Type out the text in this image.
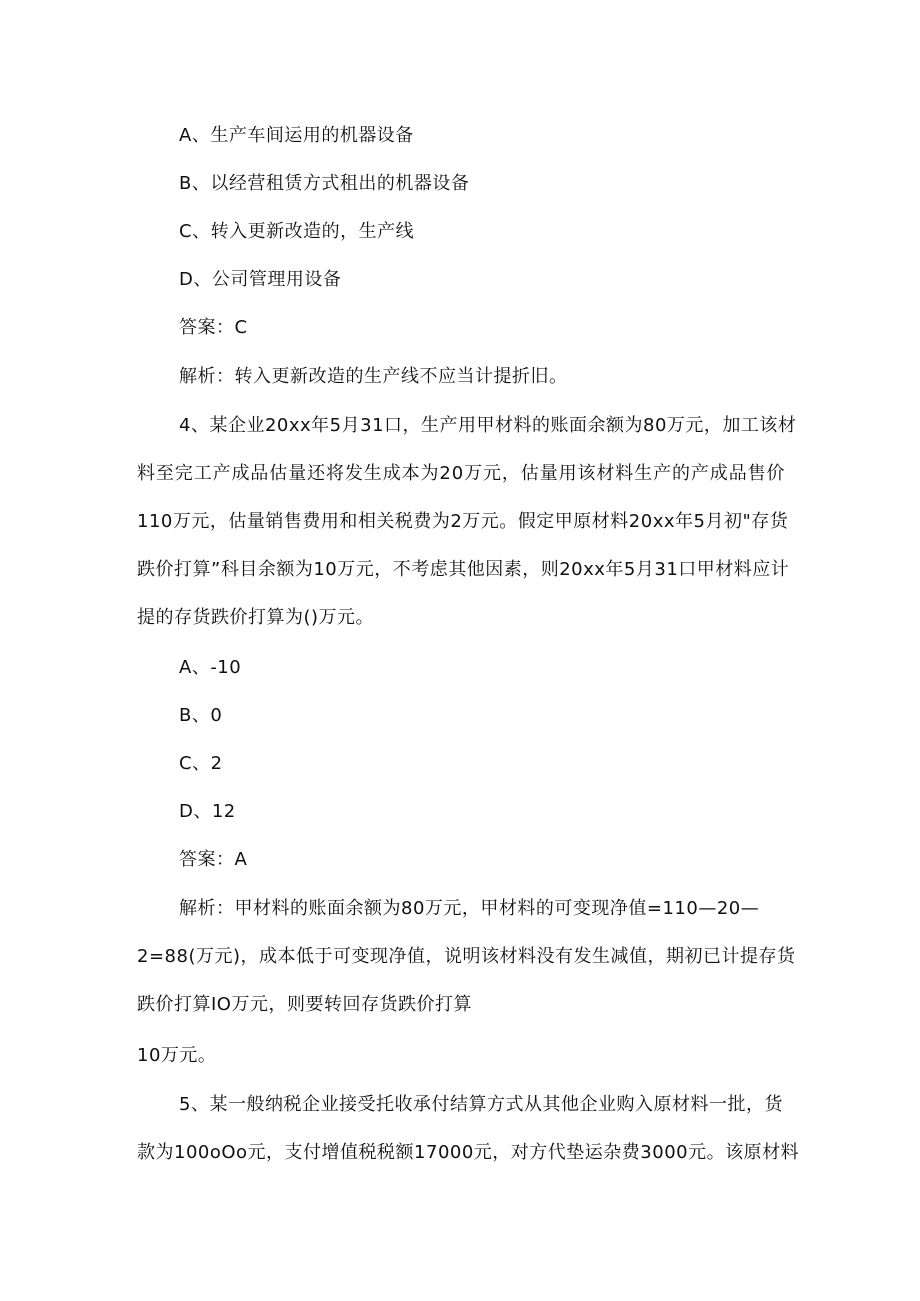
A、生产车间运用的机器设备
B、以经营租赁方式租出的机器设备
C、转入更新改造的，生产线
D、公司管理用设备
答案：C
解析：转入更新改造的生产线不应当计提折旧。
4、某企业20xx年5月31口，生产用甲材料的账面余额为80万元，加工该材
料至完工产成品估量还将发生成本为20万元，估量用该材料生产的产成品售价
110万元，估量销售费用和相关税费为2万元。假定甲原材料20xx年5月初"存货
跌价打算”科目余额为10万元，不考虑其他因素，则20xx年5月31口甲材料应计
提的存货跌价打算为()万元。
A、-10
B、0
C、2
D、12
答案：A
解析：甲材料的账面余额为80万元，甲材料的可变现净值=110—20—
2=88(万元)，成本低于可变现净值，说明该材料没有发生减值，期初已计提存货
跌价打算IO万元，则要转回存货跌价打算
10万元。
5、某一般纳税企业接受托收承付结算方式从其他企业购入原材料一批，货
款为100oOo元，支付增值税税额17000元，对方代垫运杂费3000元。该原材料
